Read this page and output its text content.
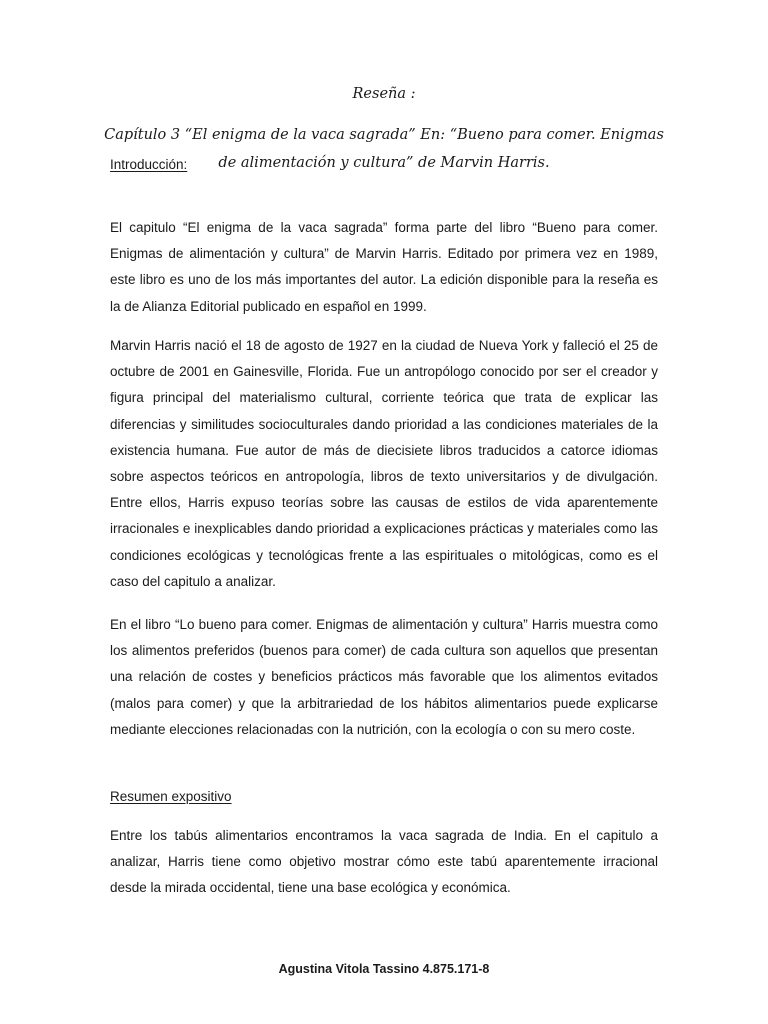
Reseña :
Capítulo 3 “El enigma de la vaca sagrada” En: “Bueno para comer. Enigmas de alimentación y cultura” de Marvin Harris.
Introducción:

El capitulo “El enigma de la vaca sagrada” forma parte del libro “Bueno para comer. Enigmas de alimentación y cultura” de Marvin Harris. Editado por primera vez en 1989, este libro es uno de los más importantes del autor. La edición disponible para la reseña es la de Alianza Editorial publicado en español en 1999.

Marvin Harris nació el 18 de agosto de 1927 en la ciudad de Nueva York y falleció el 25 de octubre de 2001 en Gainesville, Florida. Fue un antropólogo conocido por ser el creador y figura principal del materialismo cultural, corriente teórica que trata de explicar las diferencias y similitudes socioculturales dando prioridad a las condiciones materiales de la existencia humana. Fue autor de más de diecisiete libros traducidos a catorce idiomas sobre aspectos teóricos en antropología, libros de texto universitarios y de divulgación. Entre ellos, Harris expuso teorías sobre las causas de estilos de vida aparentemente irracionales e inexplicables dando prioridad a explicaciones prácticas y materiales como las condiciones ecológicas y tecnológicas frente a las espirituales o mitológicas, como es el caso del capitulo a analizar.

En el libro “Lo bueno para comer. Enigmas de alimentación y cultura” Harris muestra como los alimentos preferidos (buenos para comer) de cada cultura son aquellos que presentan una relación de costes y beneficios prácticos más favorable que los alimentos evitados (malos para comer) y que la arbitrariedad de los hábitos alimentarios puede explicarse mediante elecciones relacionadas con la nutrición, con la ecología o con su mero coste.

Resumen expositivo

Entre los tabús alimentarios encontramos la vaca sagrada de India. En el capitulo a analizar, Harris tiene como objetivo mostrar cómo este tabú aparentemente irracional desde la mirada occidental, tiene una base ecológica y económica.

Agustina Vitola Tassino 4.875.171-8
